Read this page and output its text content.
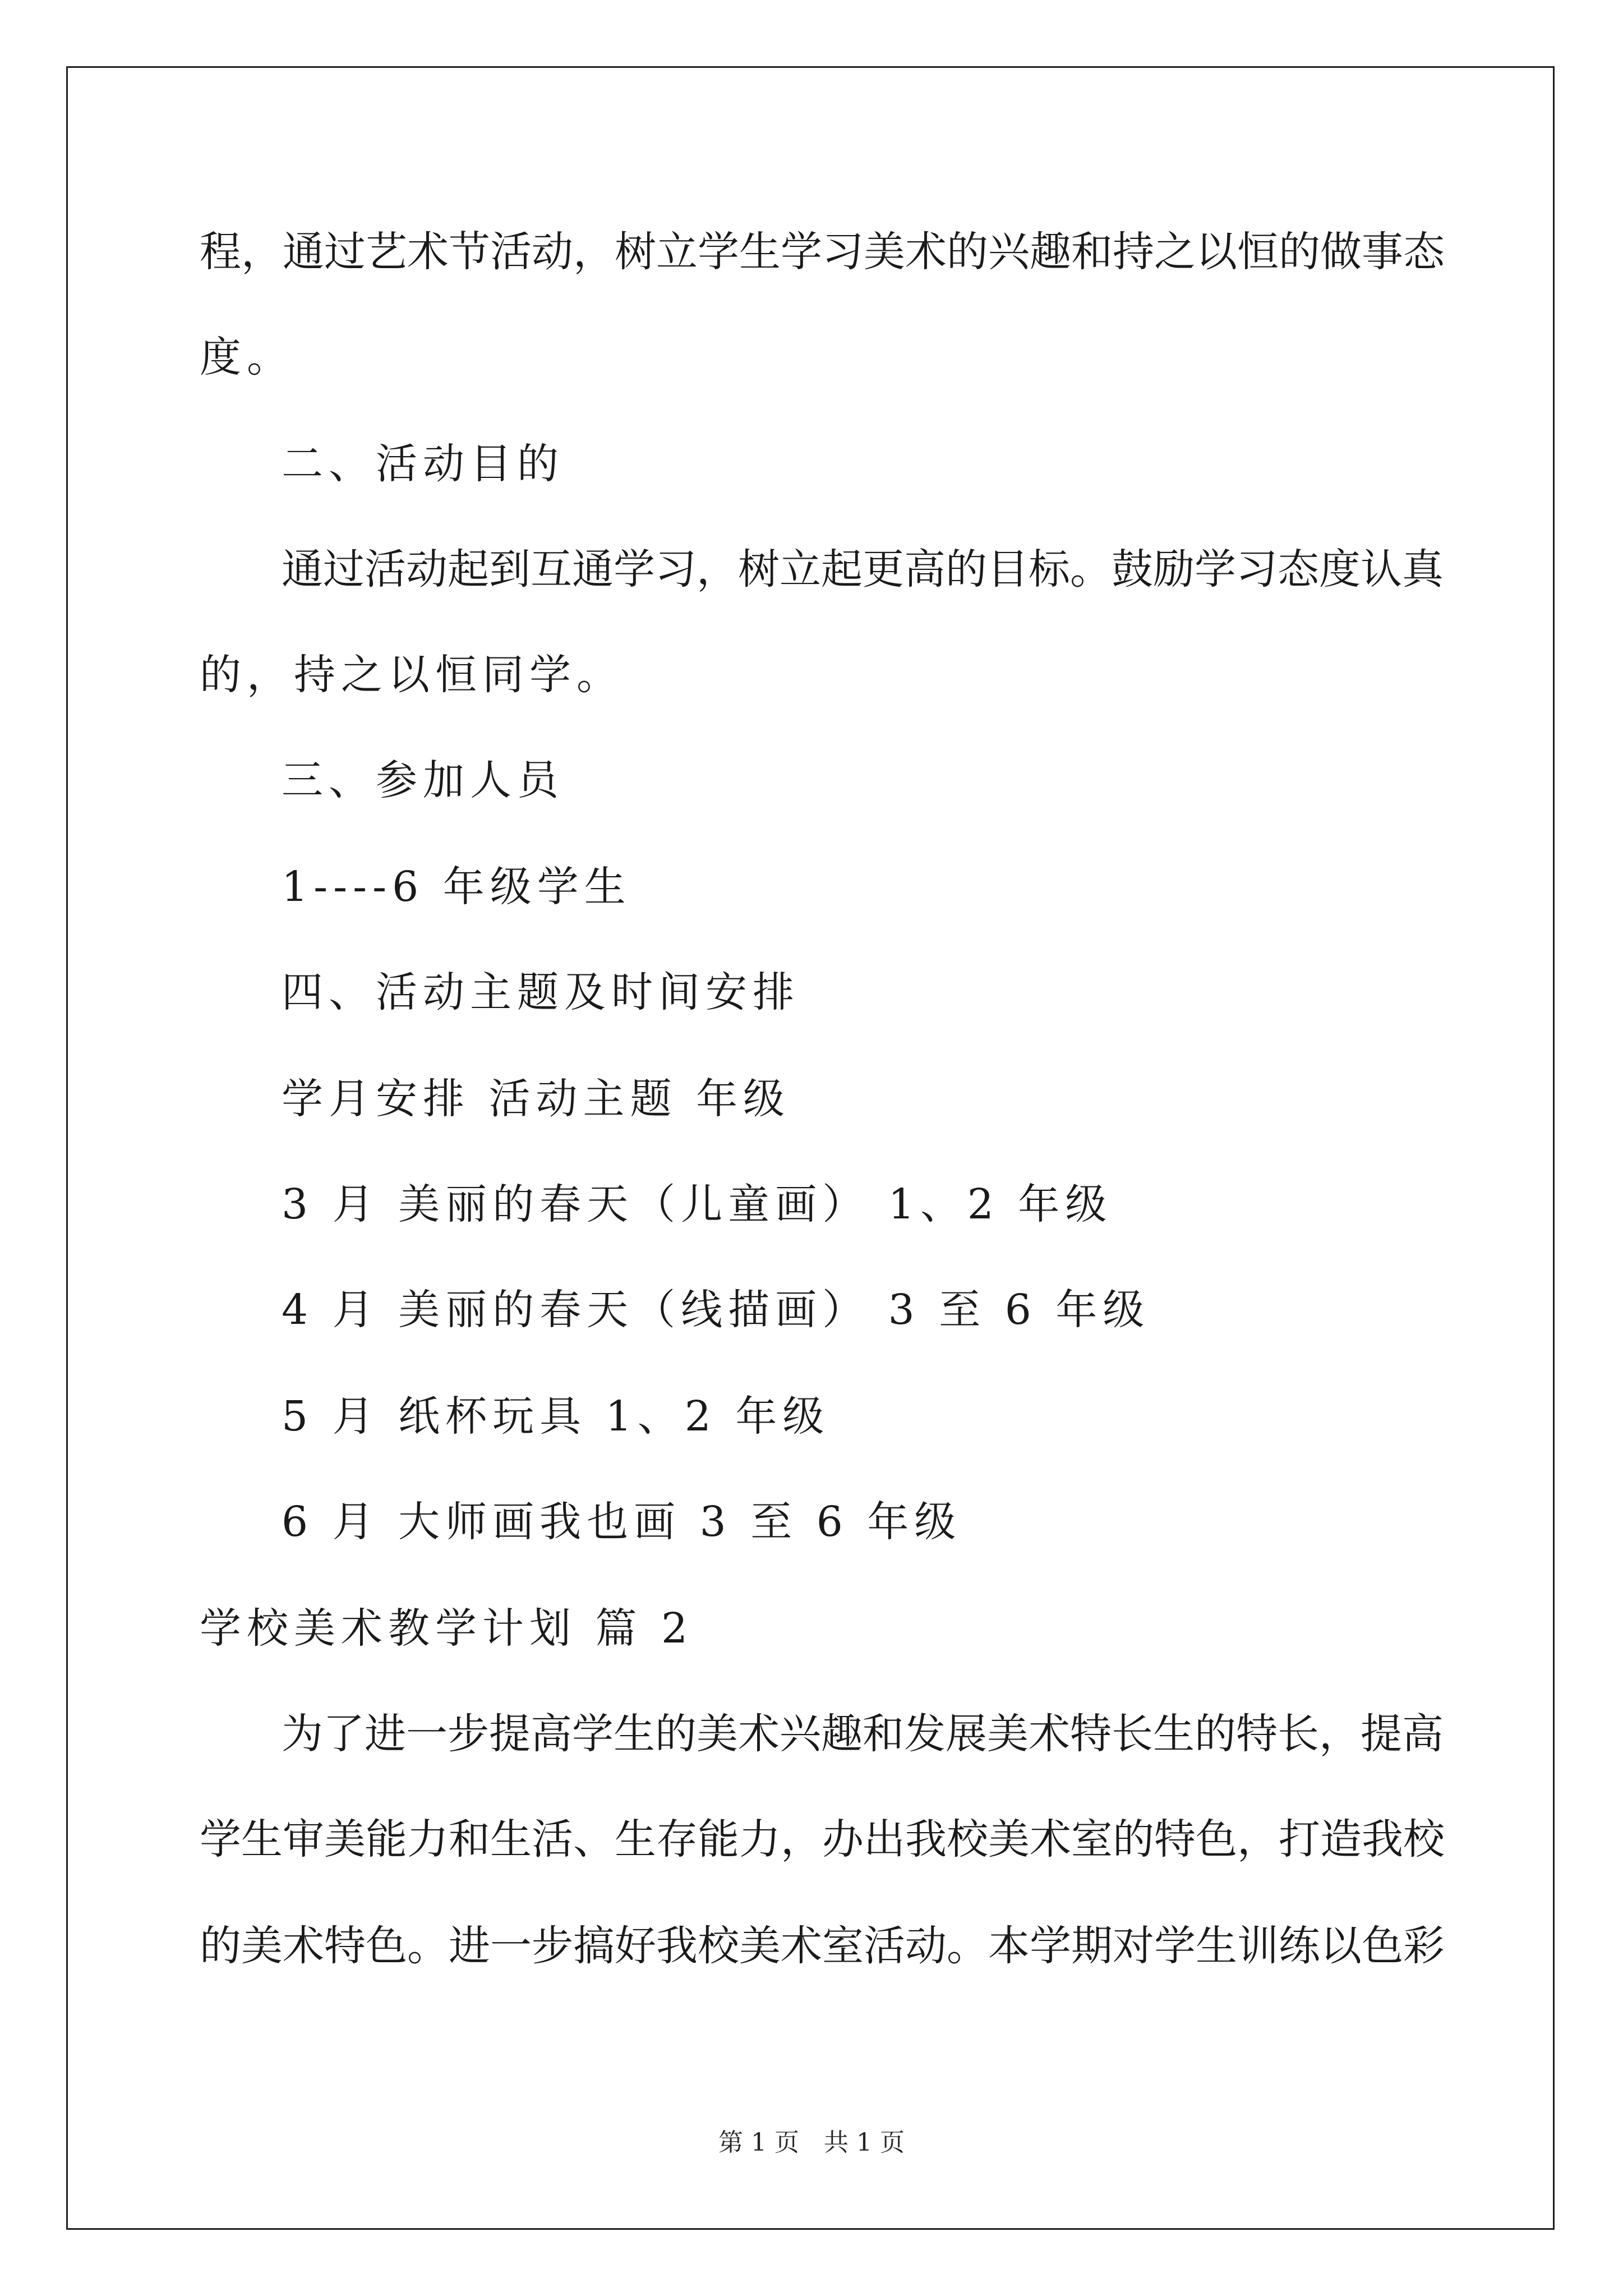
程，通过艺术节活动，树立学生学习美术的兴趣和持之以恒的做事态
度。
二、活动目的
通过活动起到互通学习，树立起更高的目标。鼓励学习态度认真
的，持之以恒同学。
三、参加人员
1----6 年级学生
四、活动主题及时间安排
学月安排 活动主题 年级
3 月 美丽的春天（儿童画） 1、2 年级
4 月 美丽的春天（线描画） 3 至 6 年级
5 月 纸杯玩具 1、2 年级
6 月 大师画我也画 3 至 6 年级
学校美术教学计划 篇 2
为了进一步提高学生的美术兴趣和发展美术特长生的特长，提高
学生审美能力和生活、生存能力，办出我校美术室的特色，打造我校
的美术特色。进一步搞好我校美术室活动。本学期对学生训练以色彩
第 1 页　共 1 页
